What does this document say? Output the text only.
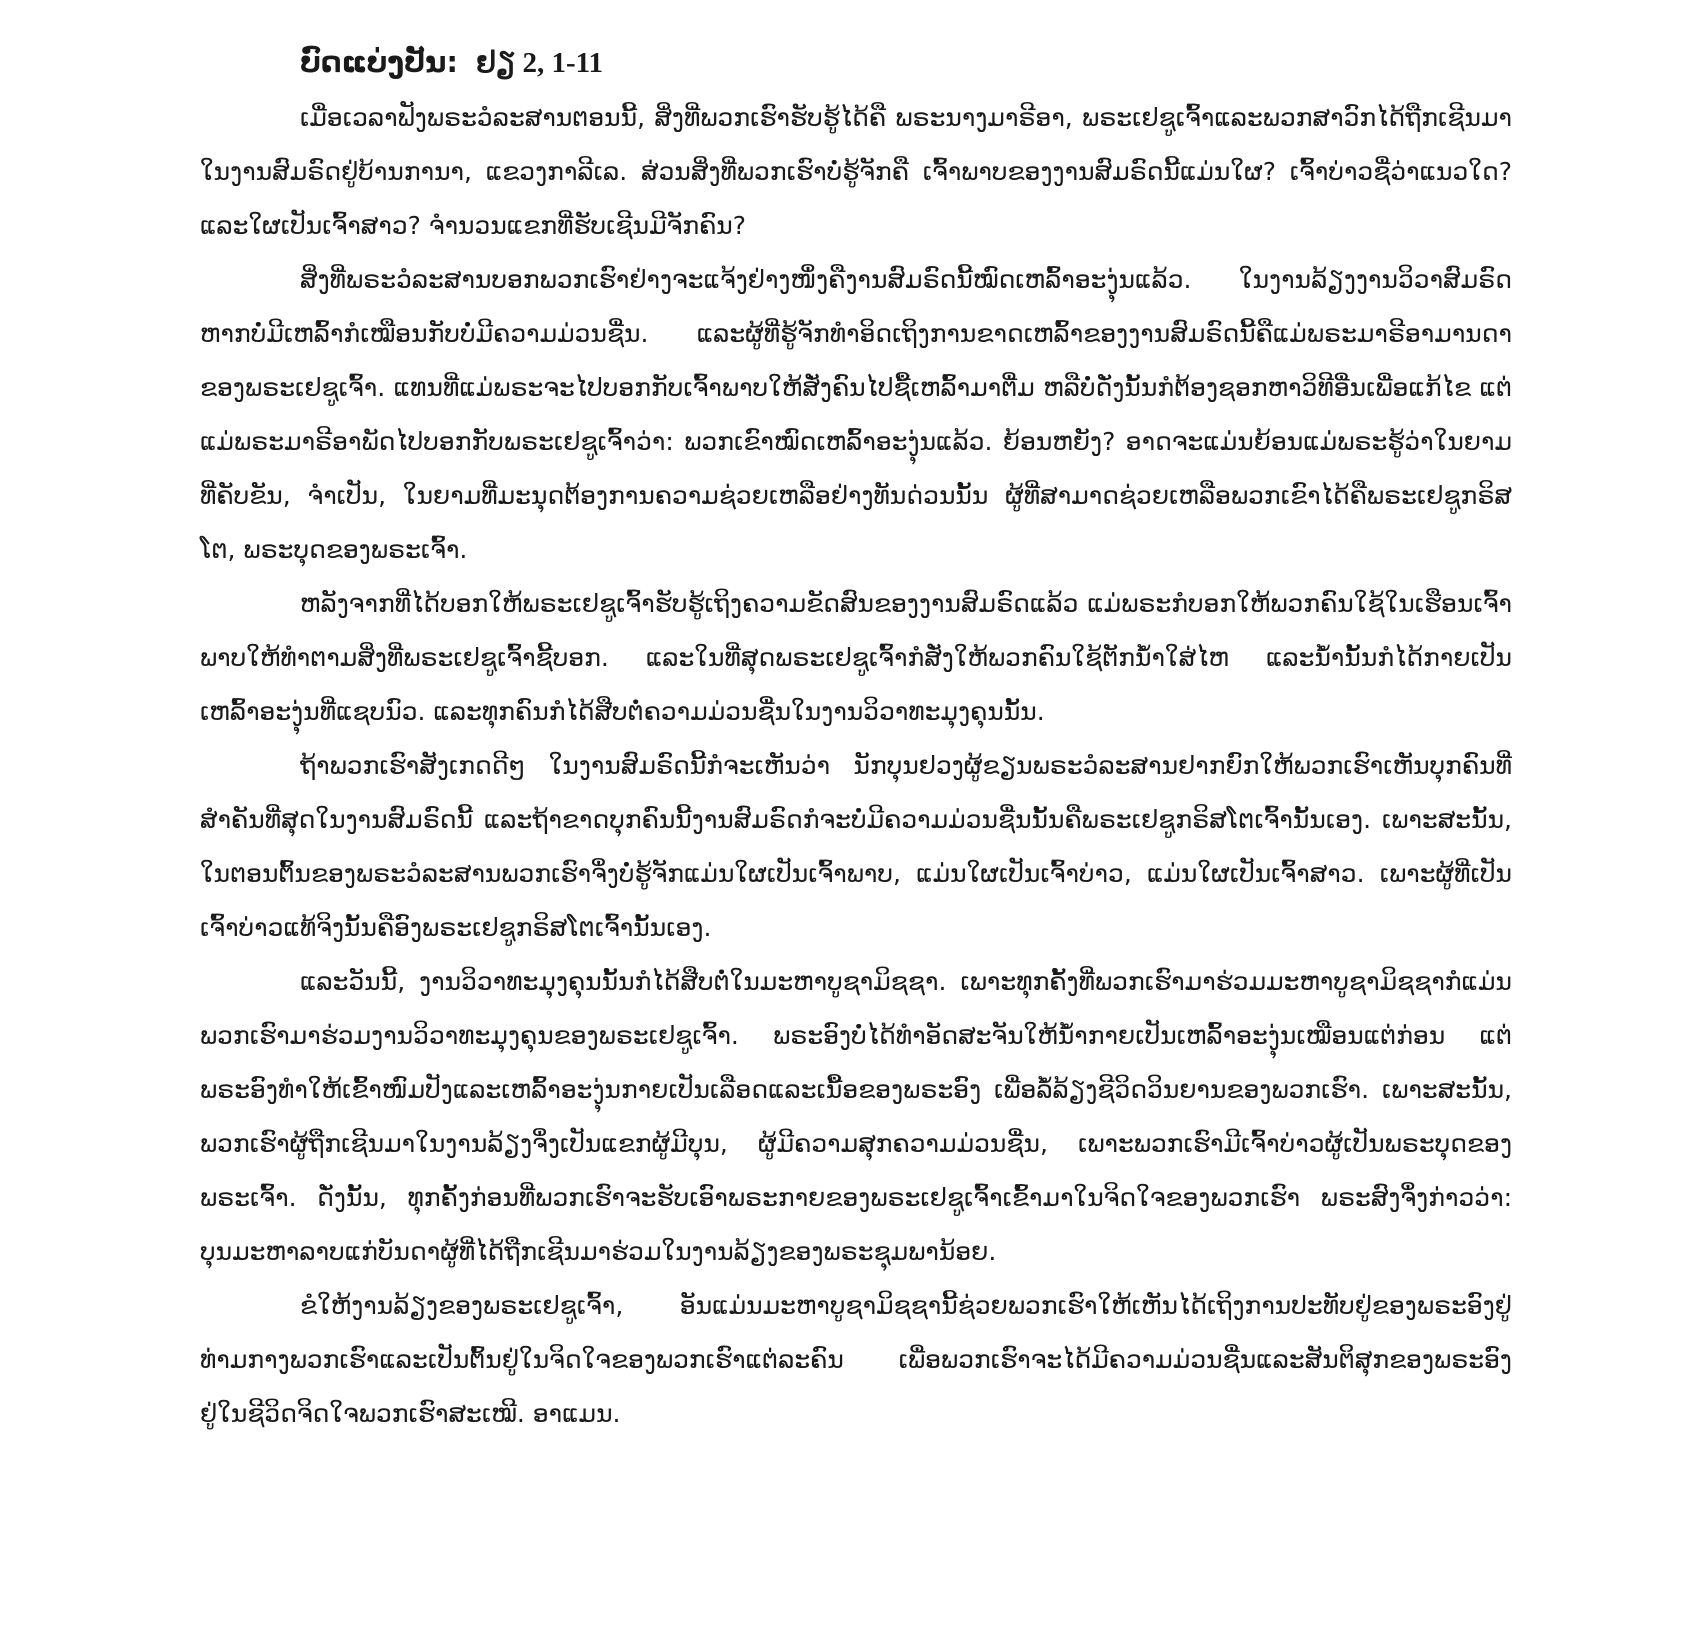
ບົດແບ່ງປັນ: ຢຽ 2, 1-11

ເມື່ອເວລາຟັງພຣະວໍລະສານຕອນນີ້, ສິ່ງທີ່ພວກເຮົາຮັບຮູ້ໄດ້ຄື ພຣະນາງມາຣີອາ, ພຣະເຢຊູເຈົ້າແລະພວກສາວົກໄດ້ຖືກເຊີນມາໃນງານສົມຣົດຢູ່ບ້ານການາ, ແຂວງກາລີເລ. ສ່ວນສິ່ງທີ່ພວກເຮົາບໍ່ຮູ້ຈັກຄື ເຈົ້າພາບຂອງງານສົມຣົດນີ້ແມ່ນໃຜ? ເຈົ້າບ່າວຊື່ວ່າແນວໃດ? ແລະໃຜເປັນເຈົ້າສາວ? ຈຳນວນແຂກທີ່ຮັບເຊີນມີຈັກຄົນ?

ສິ່ງທີ່ພຣະວໍລະສານບອກພວກເຮົາຢ່າງຈະແຈ້ງຢ່າງໜຶ່ງຄືງານສົມຣົດນີ້ໝົດເຫລົ້າອະງຸ່ນແລ້ວ. ໃນງານລ້ຽງງານວິວາສົມຣົດຫາກບໍ່ມີເຫລົ້າກໍເໝືອນກັບບໍ່ມີຄວາມມ່ວນຊື່ນ. ແລະຜູ້ທີ່ຮູ້ຈັກທຳອິດເຖິງການຂາດເຫລົ້າຂອງງານສົມຣົດນີ້ຄືແມ່ພຣະມາຣີອາມານດາຂອງພຣະເຢຊູເຈົ້າ. ແທນທີ່ແມ່ພຣະຈະໄປບອກກັບເຈົ້າພາບໃຫ້ສັ່ງຄົນໄປຊື້ເຫລົ້າມາຕື່ມ ຫລືບໍ່ດັ່ງນັ້ນກໍຕ້ອງຊອກຫາວິທີອື່ນເພື່ອແກ້ໄຂ ແຕ່ແມ່ພຣະມາຣີອາພັດໄປບອກກັບພຣະເຢຊູເຈົ້າວ່າ: ພວກເຂົາໝົດເຫລົ້າອະງຸ່ນແລ້ວ. ຍ້ອນຫຍັງ? ອາດຈະແມ່ນຍ້ອນແມ່ພຣະຮູ້ວ່າໃນຍາມທີ່ຄັບຂັນ, ຈຳເປັນ, ໃນຍາມທີ່ມະນຸດຕ້ອງການຄວາມຊ່ວຍເຫລືອຢ່າງທັນດ່ວນນັ້ນ ຜູ້ທີ່ສາມາດຊ່ວຍເຫລືອພວກເຂົາໄດ້ຄືພຣະເຢຊູກຣິສໂຕ, ພຣະບຸດຂອງພຣະເຈົ້າ.

ຫລັງຈາກທີ່ໄດ້ບອກໃຫ້ພຣະເຢຊູເຈົ້າຮັບຮູ້ເຖິງຄວາມຂັດສົນຂອງງານສົມຣົດແລ້ວ ແມ່ພຣະກໍບອກໃຫ້ພວກຄົນໃຊ້ໃນເຮືອນເຈົ້າພາບໃຫ້ທຳຕາມສິ່ງທີ່ພຣະເຢຊູເຈົ້າຊີ້ບອກ. ແລະໃນທີ່ສຸດພຣະເຢຊູເຈົ້າກໍສັ່ງໃຫ້ພວກຄົນໃຊ້ຕັກນ້ຳໃສ່ໄຫ ແລະນ້ຳນັ້ນກໍໄດ້ກາຍເປັນເຫລົ້າອະງຸ່ນທີ່ແຊບນົວ. ແລະທຸກຄົນກໍໄດ້ສືບຕໍ່ຄວາມມ່ວນຊື່ນໃນງານວິວາທະມຸງຄຸນນັ້ນ.

ຖ້າພວກເຮົາສັງເກດດີໆ ໃນງານສົມຣົດນີ້ກໍຈະເຫັນວ່າ ນັກບຸນຢວງຜູ້ຂຽນພຣະວໍລະສານຢາກຍົກໃຫ້ພວກເຮົາເຫັນບຸກຄົນທີ່ສຳຄັນທີ່ສຸດໃນງານສົມຣົດນີ້ ແລະຖ້າຂາດບຸກຄົນນີ້ງານສົມຣົດກໍຈະບໍ່ມີຄວາມມ່ວນຊື່ນນັ້ນຄືພຣະເຢຊູກຣິສໂຕເຈົ້ານັ້ນເອງ. ເພາະສະນັ້ນ, ໃນຕອນຕົ້ນຂອງພຣະວໍລະສານພວກເຮົາຈຶ່ງບໍ່ຮູ້ຈັກແມ່ນໃຜເປັນເຈົ້າພາບ, ແມ່ນໃຜເປັນເຈົ້າບ່າວ, ແມ່ນໃຜເປັນເຈົ້າສາວ. ເພາະຜູ້ທີ່ເປັນເຈົ້າບ່າວແທ້ຈິງນັ້ນຄືອົງພຣະເຢຊູກຣິສໂຕເຈົ້ານັ້ນເອງ.

ແລະວັນນີ້, ງານວິວາທະມຸງຄຸນນັ້ນກໍໄດ້ສືບຕໍ່ໃນມະຫາບູຊາມິຊຊາ. ເພາະທຸກຄັ້ງທີ່ພວກເຮົາມາຮ່ວມມະຫາບູຊາມິຊຊາກໍແມ່ນພວກເຮົາມາຮ່ວມງານວິວາທະມຸງຄຸນຂອງພຣະເຢຊູເຈົ້າ. ພຣະອົງບໍ່ໄດ້ທຳອັດສະຈັນໃຫ້ນ້ຳກາຍເປັນເຫລົ້າອະງຸ່ນເໝືອນແຕ່ກ່ອນ ແຕ່ພຣະອົງທຳໃຫ້ເຂົ້າໜົມປັງແລະເຫລົ້າອະງຸ່ນກາຍເປັນເລືອດແລະເນື້ອຂອງພຣະອົງ ເພື່ອລໍ້ລ້ຽງຊີວິດວິນຍານຂອງພວກເຮົາ. ເພາະສະນັ້ນ, ພວກເຮົາຜູ້ຖືກເຊີນມາໃນງານລ້ຽງຈຶ່ງເປັນແຂກຜູ້ມີບຸນ, ຜູ້ມີຄວາມສຸກຄວາມມ່ວນຊື່ນ, ເພາະພວກເຮົາມີເຈົ້າບ່າວຜູ້ເປັນພຣະບຸດຂອງພຣະເຈົ້າ. ດັ່ງນັ້ນ, ທຸກຄັ້ງກ່ອນທີ່ພວກເຮົາຈະຮັບເອົາພຣະກາຍຂອງພຣະເຢຊູເຈົ້າເຂົ້າມາໃນຈິດໃຈຂອງພວກເຮົາ ພຣະສົງຈຶ່ງກ່າວວ່າ: ບຸນມະຫາລາບແກ່ບັນດາຜູ້ທີ່ໄດ້ຖືກເຊີນມາຮ່ວມໃນງານລ້ຽງຂອງພຣະຊຸມພານ້ອຍ.

ຂໍໃຫ້ງານລ້ຽງຂອງພຣະເຢຊູເຈົ້າ, ອັນແມ່ນມະຫາບູຊາມິຊຊານີ້ຊ່ວຍພວກເຮົາໃຫ້ເຫັນໄດ້ເຖິງການປະທັບຢູ່ຂອງພຣະອົງຢູ່ທ່າມກາງພວກເຮົາແລະເປັນຕົ້ນຢູ່ໃນຈິດໃຈຂອງພວກເຮົາແຕ່ລະຄົນ ເພື່ອພວກເຮົາຈະໄດ້ມີຄວາມມ່ວນຊື່ນແລະສັນຕິສຸກຂອງພຣະອົງຢູ່ໃນຊີວິດຈິດໃຈພວກເຮົາສະເໝີ. ອາແມນ.
